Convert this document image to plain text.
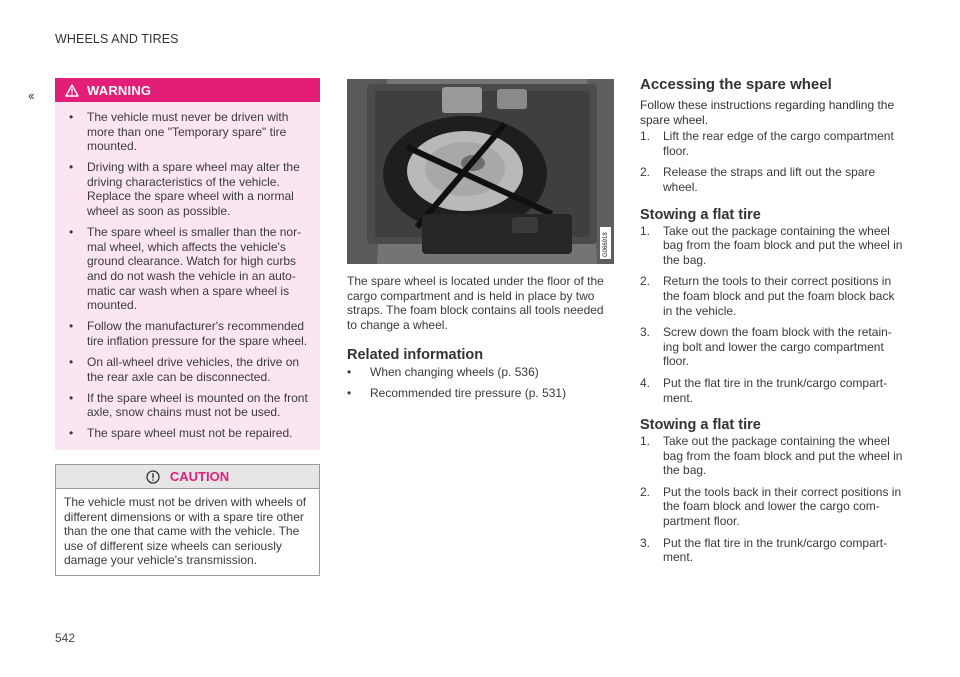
WHEELS AND TIRES
‹‹	WARNING
• The vehicle must never be driven with more than one "Temporary spare" tire mounted.
• Driving with a spare wheel may alter the driving characteristics of the vehicle. Replace the spare wheel with a normal wheel as soon as possible.
• The spare wheel is smaller than the nor-mal wheel, which affects the vehicle's ground clearance. Watch for high curbs and do not wash the vehicle in an auto-matic car wash when a spare wheel is mounted.
• Follow the manufacturer's recommended tire inflation pressure for the spare wheel.
• On all-wheel drive vehicles, the drive on the rear axle can be disconnected.
• If the spare wheel is mounted on the front axle, snow chains must not be used.
• The spare wheel must not be repaired.
CAUTION
The vehicle must not be driven with wheels of different dimensions or with a spare tire other than the one that came with the vehicle. The use of different size wheels can seriously damage your vehicle's transmission.
G066918
The spare wheel is located under the floor of the cargo compartment and is held in place by two straps. The foam block contains all tools needed to change a wheel.
Related information
• When changing wheels (p. 536)
• Recommended tire pressure (p. 531)
Accessing the spare wheel
Follow these instructions regarding handling the spare wheel.
1. Lift the rear edge of the cargo compartment floor.
2. Release the straps and lift out the spare wheel.
Stowing a flat tire
1. Take out the package containing the wheel bag from the foam block and put the wheel in the bag.
2. Return the tools to their correct positions in the foam block and put the foam block back in the vehicle.
3. Screw down the foam block with the retain-ing bolt and lower the cargo compartment floor.
4. Put the flat tire in the trunk/cargo compart-ment.
Stowing a flat tire
1. Take out the package containing the wheel bag from the foam block and put the wheel in the bag.
2. Put the tools back in their correct positions in the foam block and lower the cargo com-partment floor.
3. Put the flat tire in the trunk/cargo compart-ment.
542
